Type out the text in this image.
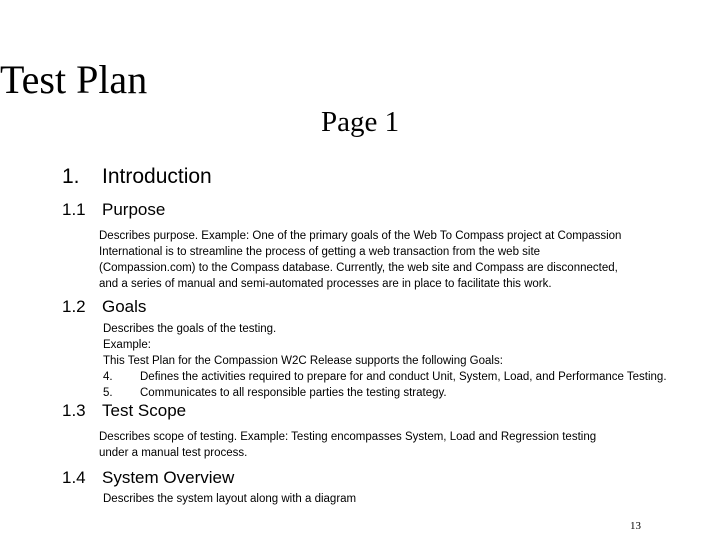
Test Plan
Page 1
1. Introduction
1.1 Purpose
Describes purpose. Example: One of the primary goals of the Web To Compass project at Compassion
International is to streamline the process of getting a web transaction from the web site
(Compassion.com) to the Compass database. Currently, the web site and Compass are disconnected,
and a series of manual and semi-automated processes are in place to facilitate this work.
1.2 Goals
Describes the goals of the testing.
Example:
This Test Plan for the Compassion W2C Release supports the following Goals:
4. Defines the activities required to prepare for and conduct Unit, System, Load, and Performance Testing.
5. Communicates to all responsible parties the testing strategy.
1.3 Test Scope
Describes scope of testing. Example: Testing encompasses System, Load and Regression testing
under a manual test process.
1.4 System Overview
Describes the system layout along with a diagram
13
